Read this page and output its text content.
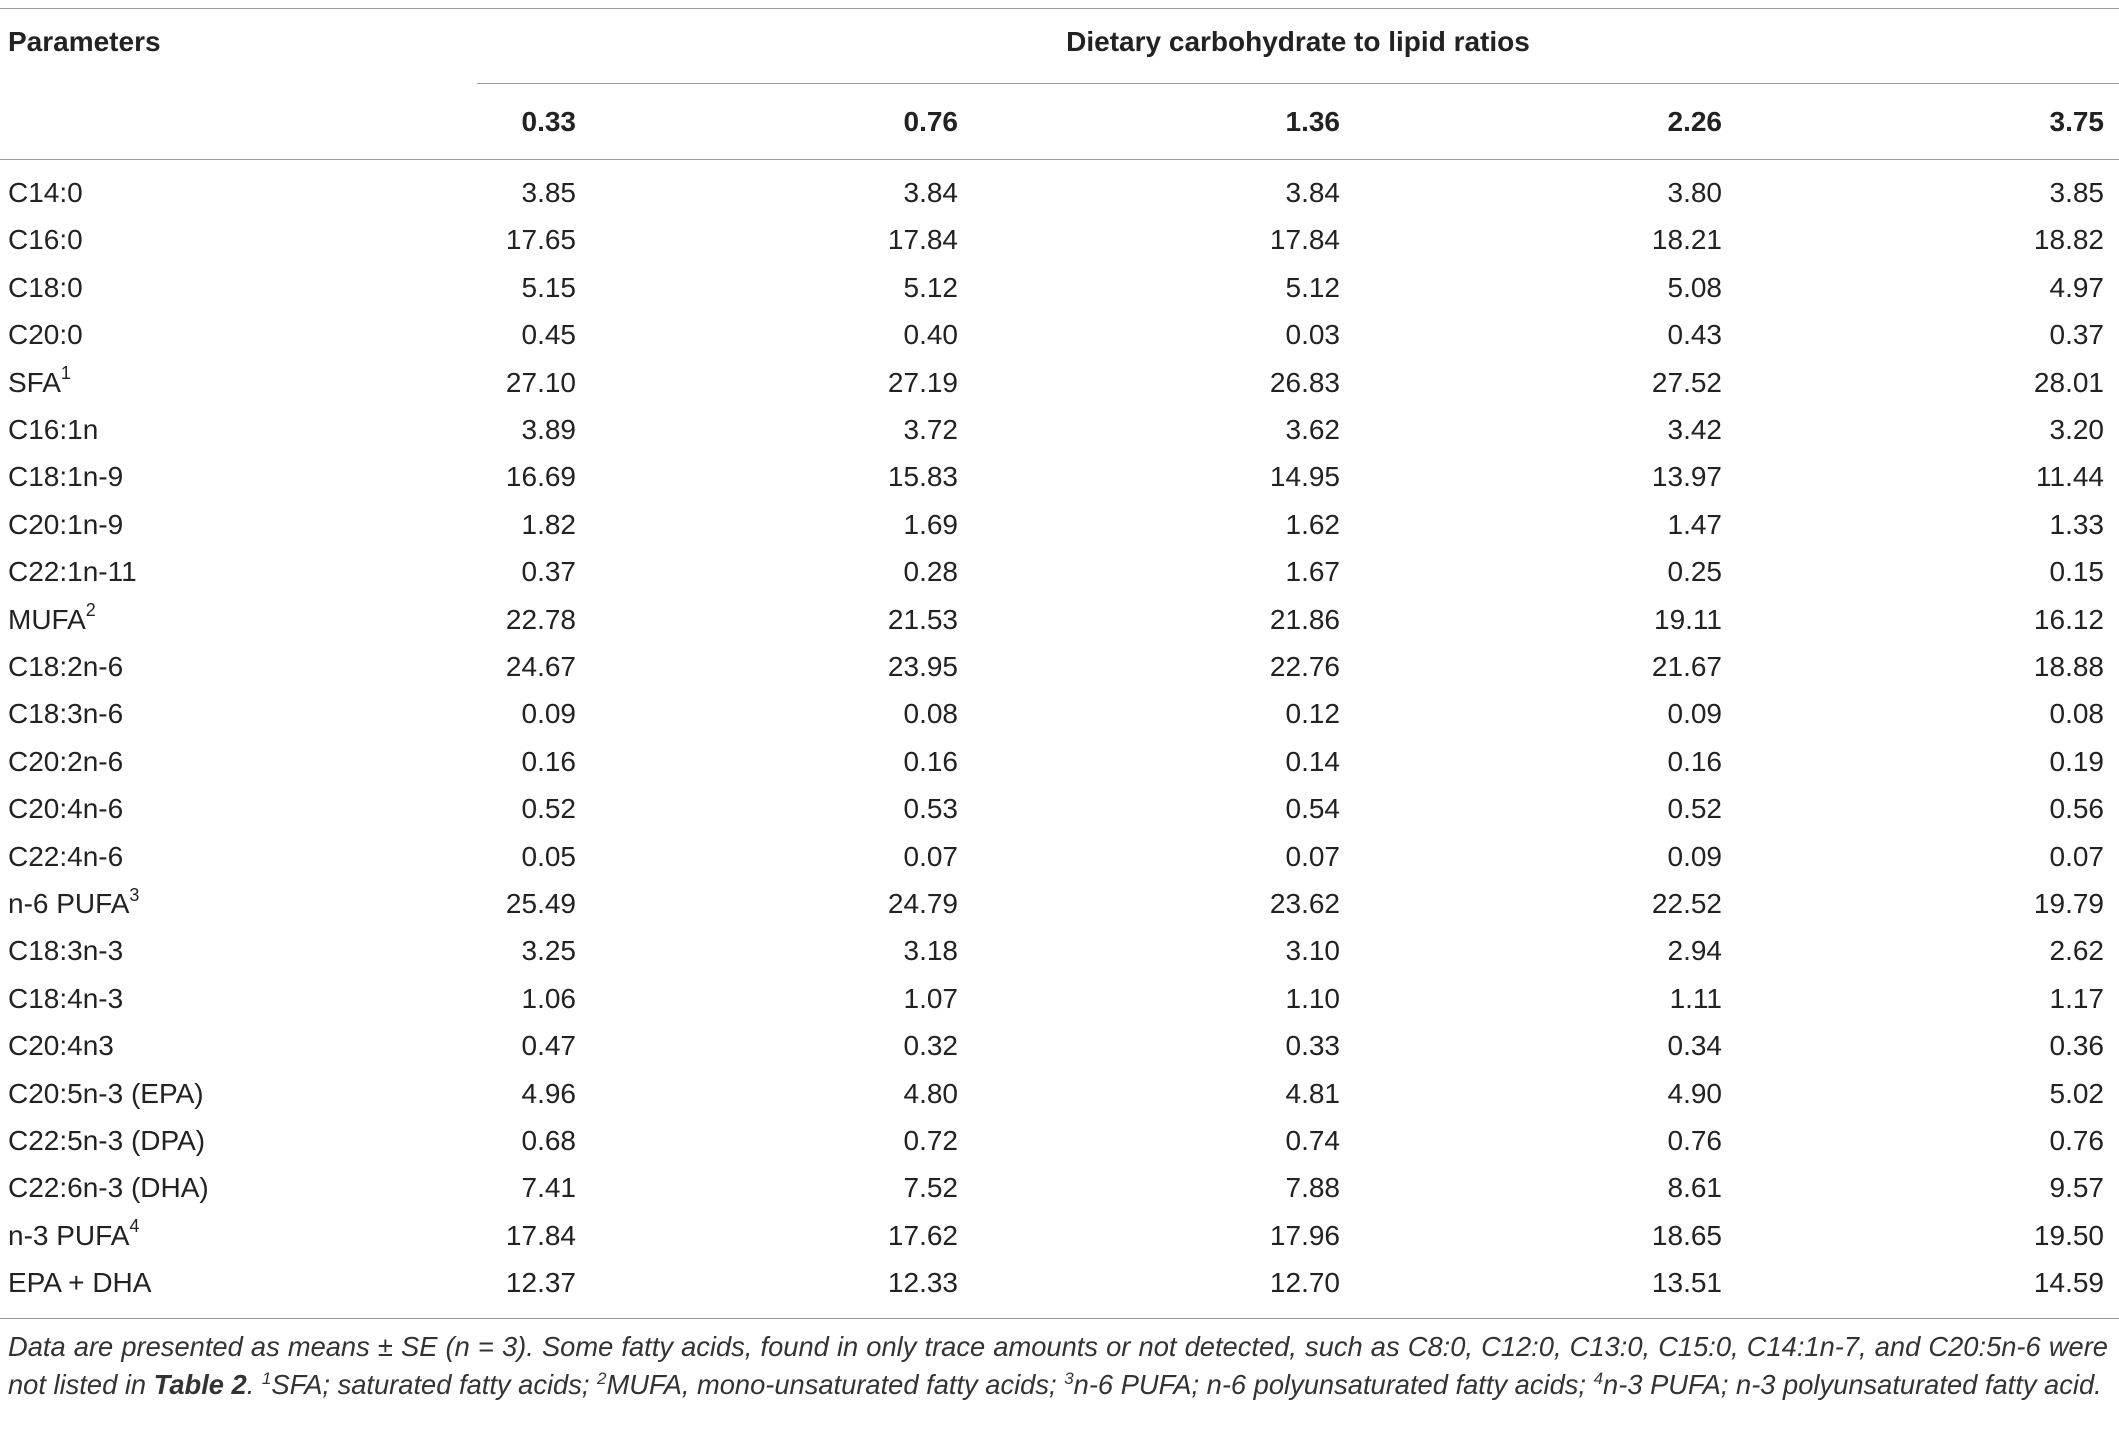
Parameters	Dietary carbohydrate to lipid ratios
0.33	0.76	1.36	2.26	3.75
C14:0	3.85	3.84	3.84	3.80	3.85
C16:0	17.65	17.84	17.84	18.21	18.82
C18:0	5.15	5.12	5.12	5.08	4.97
C20:0	0.45	0.40	0.03	0.43	0.37
SFA$^1$	27.10	27.19	26.83	27.52	28.01
C16:1n	3.89	3.72	3.62	3.42	3.20
C18:1n-9	16.69	15.83	14.95	13.97	11.44
C20:1n-9	1.82	1.69	1.62	1.47	1.33
C22:1n-11	0.37	0.28	1.67	0.25	0.15
MUFA$^2$	22.78	21.53	21.86	19.11	16.12
C18:2n-6	24.67	23.95	22.76	21.67	18.88
C18:3n-6	0.09	0.08	0.12	0.09	0.08
C20:2n-6	0.16	0.16	0.14	0.16	0.19
C20:4n-6	0.52	0.53	0.54	0.52	0.56
C22:4n-6	0.05	0.07	0.07	0.09	0.07
n-6 PUFA$^3$	25.49	24.79	23.62	22.52	19.79
C18:3n-3	3.25	3.18	3.10	2.94	2.62
C18:4n-3	1.06	1.07	1.10	1.11	1.17
C20:4n3	0.47	0.32	0.33	0.34	0.36
C20:5n-3 (EPA)	4.96	4.80	4.81	4.90	5.02
C22:5n-3 (DPA)	0.68	0.72	0.74	0.76	0.76
C22:6n-3 (DHA)	7.41	7.52	7.88	8.61	9.57
n-3 PUFA$^4$	17.84	17.62	17.96	18.65	19.50
EPA + DHA	12.37	12.33	12.70	13.51	14.59
Data are presented as means ± SE (n = 3). Some fatty acids, found in only trace amounts or not detected, such as C8:0, C12:0, C13:0, C15:0, C14:1n-7, and C20:5n-6 were not listed in Table 2. $^1$SFA; saturated fatty acids; $^2$MUFA, mono-unsaturated fatty acids; $^3$n-6 PUFA; n-6 polyunsaturated fatty acids; $^4$n-3 PUFA; n-3 polyunsaturated fatty acid.
